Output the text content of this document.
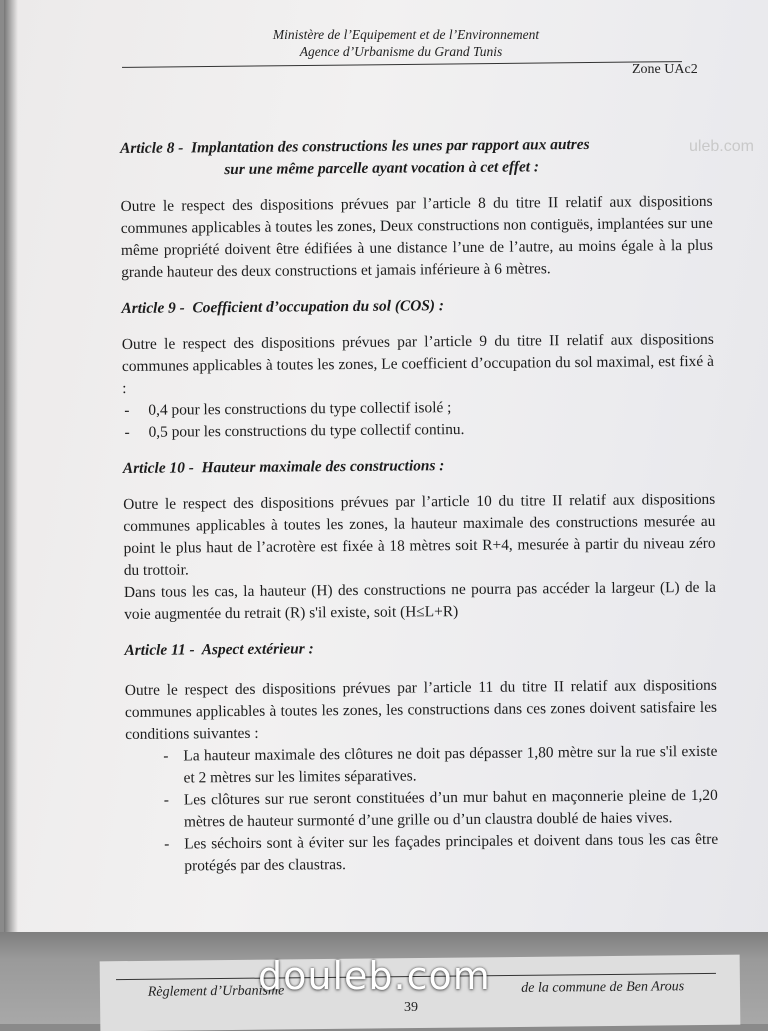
Ministère de l’Equipement et de l’Environnement
Agence d’Urbanisme du Grand Tunis
Zone UAc2
uleb.com

Article 8 - Implantation des constructions les unes par rapport aux autres

sur une même parcelle ayant vocation à cet effet :

Outre le respect des dispositions prévues par l’article 8 du titre II relatif aux dispositions communes applicables à toutes les zones, Deux constructions non contiguës, implantées sur une même propriété doivent être édifiées à une distance l’une de l’autre, au moins égale à la plus grande hauteur des deux constructions et jamais inférieure à 6 mètres.

Article 9 - Coefficient d’occupation du sol (COS) :

Outre le respect des dispositions prévues par l’article 9 du titre II relatif aux dispositions communes applicables à toutes les zones, Le coefficient d’occupation du sol maximal, est fixé à :

- 0,4 pour les constructions du type collectif isolé ;
- 0,5 pour les constructions du type collectif continu.

Article 10 - Hauteur maximale des constructions :

Outre le respect des dispositions prévues par l’article 10 du titre II relatif aux dispositions communes applicables à toutes les zones, la hauteur maximale des constructions mesurée au point le plus haut de l’acrotère est fixée à 18 mètres soit R+4, mesurée à partir du niveau zéro du trottoir.

Dans tous les cas, la hauteur (H) des constructions ne pourra pas accéder la largeur (L) de la voie augmentée du retrait (R) s'il existe, soit (H≤L+R)

Article 11 - Aspect extérieur :

Outre le respect des dispositions prévues par l’article 11 du titre II relatif aux dispositions communes applicables à toutes les zones, les constructions dans ces zones doivent satisfaire les conditions suivantes :

- La hauteur maximale des clôtures ne doit pas dépasser 1,80 mètre sur la rue s'il existe et 2 mètres sur les limites séparatives.
- Les clôtures sur rue seront constituées d’un mur bahut en maçonnerie pleine de 1,20 mètres de hauteur surmonté d’une grille ou d’un claustra doublé de haies vives.
- Les séchoirs sont à éviter sur les façades principales et doivent dans tous les cas être protégés par des claustras.
Règlement d’Urbanisme	de la commune de Ben Arous
39
douleb.com
